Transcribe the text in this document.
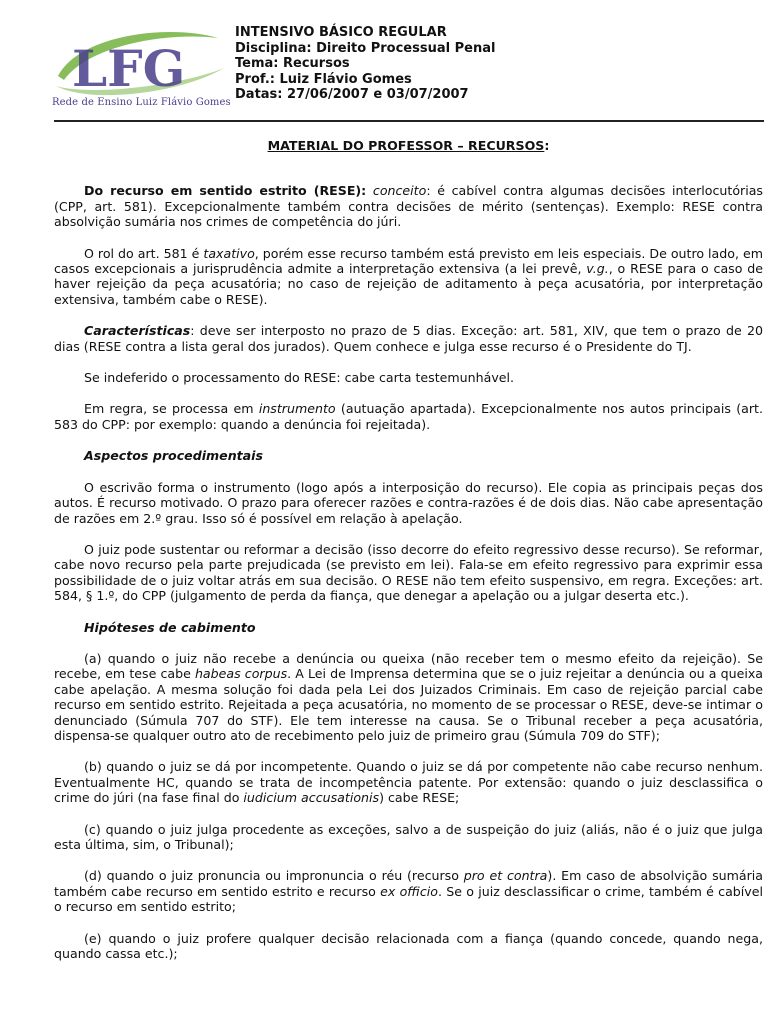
LFG
Rede de Ensino Luiz Flávio Gomes
INTENSIVO BÁSICO REGULAR
Disciplina: Direito Processual Penal
Tema: Recursos
Prof.: Luiz Flávio Gomes
Datas: 27/06/2007 e 03/07/2007
MATERIAL DO PROFESSOR – RECURSOS:

Do recurso em sentido estrito (RESE): conceito: é cabível contra algumas decisões interlocutórias (CPP, art. 581). Excepcionalmente também contra decisões de mérito (sentenças). Exemplo: RESE contra absolvição sumária nos crimes de competência do júri.

O rol do art. 581 é taxativo, porém esse recurso também está previsto em leis especiais. De outro lado, em casos excepcionais a jurisprudência admite a interpretação extensiva (a lei prevê, v.g., o RESE para o caso de haver rejeição da peça acusatória; no caso de rejeição de aditamento à peça acusatória, por interpretação extensiva, também cabe o RESE).

Características: deve ser interposto no prazo de 5 dias. Exceção: art. 581, XIV, que tem o prazo de 20 dias (RESE contra a lista geral dos jurados). Quem conhece e julga esse recurso é o Presidente do TJ.

Se indeferido o processamento do RESE: cabe carta testemunhável.

Em regra, se processa em instrumento (autuação apartada). Excepcionalmente nos autos principais (art. 583 do CPP: por exemplo: quando a denúncia foi rejeitada).

Aspectos procedimentais

O escrivão forma o instrumento (logo após a interposição do recurso). Ele copia as principais peças dos autos. É recurso motivado. O prazo para oferecer razões e contra-razões é de dois dias. Não cabe apresentação de razões em 2.º grau. Isso só é possível em relação à apelação.

O juiz pode sustentar ou reformar a decisão (isso decorre do efeito regressivo desse recurso). Se reformar, cabe novo recurso pela parte prejudicada (se previsto em lei). Fala-se em efeito regressivo para exprimir essa possibilidade de o juiz voltar atrás em sua decisão. O RESE não tem efeito suspensivo, em regra. Exceções: art. 584, § 1.º, do CPP (julgamento de perda da fiança, que denegar a apelação ou a julgar deserta etc.).

Hipóteses de cabimento

(a) quando o juiz não recebe a denúncia ou queixa (não receber tem o mesmo efeito da rejeição). Se recebe, em tese cabe habeas corpus. A Lei de Imprensa determina que se o juiz rejeitar a denúncia ou a queixa cabe apelação. A mesma solução foi dada pela Lei dos Juizados Criminais. Em caso de rejeição parcial cabe recurso em sentido estrito. Rejeitada a peça acusatória, no momento de se processar o RESE, deve-se intimar o denunciado (Súmula 707 do STF). Ele tem interesse na causa. Se o Tribunal receber a peça acusatória, dispensa-se qualquer outro ato de recebimento pelo juiz de primeiro grau (Súmula 709 do STF);

(b) quando o juiz se dá por incompetente. Quando o juiz se dá por competente não cabe recurso nenhum. Eventualmente HC, quando se trata de incompetência patente. Por extensão: quando o juiz desclassifica o crime do júri (na fase final do iudicium accusationis) cabe RESE;

(c) quando o juiz julga procedente as exceções, salvo a de suspeição do juiz (aliás, não é o juiz que julga esta última, sim, o Tribunal);

(d) quando o juiz pronuncia ou impronuncia o réu (recurso pro et contra). Em caso de absolvição sumária também cabe recurso em sentido estrito e recurso ex officio. Se o juiz desclassificar o crime, também é cabível o recurso em sentido estrito;

(e) quando o juiz profere qualquer decisão relacionada com a fiança (quando concede, quando nega, quando cassa etc.);
